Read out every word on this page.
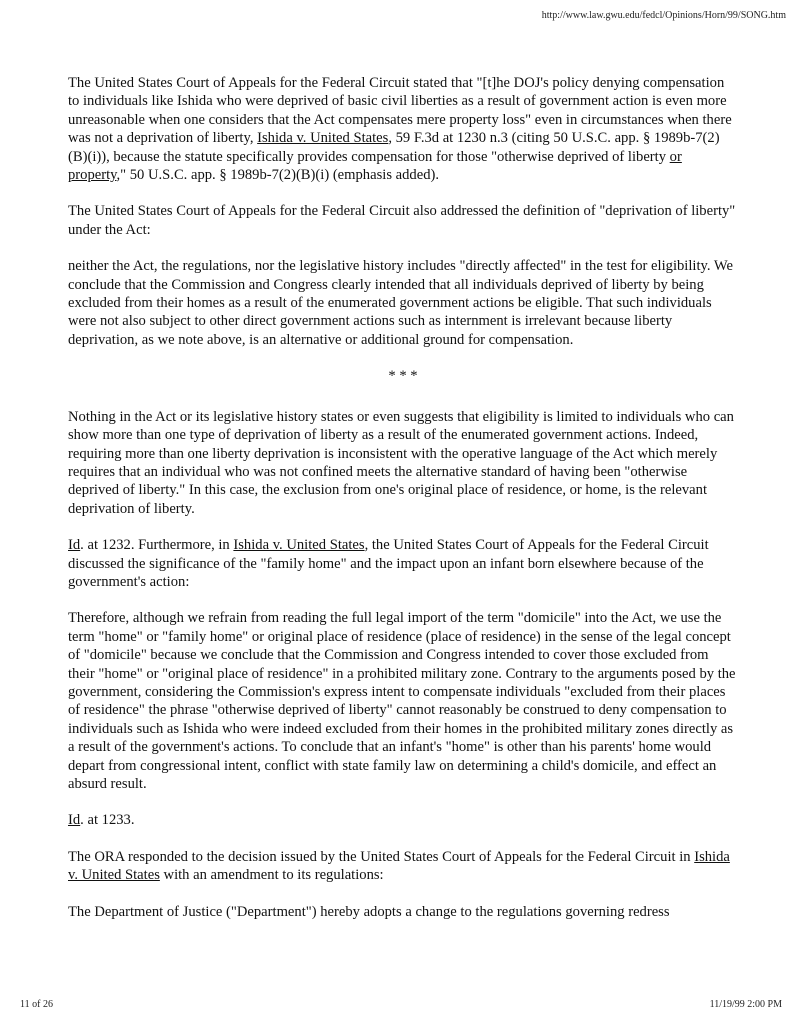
http://www.law.gwu.edu/fedcl/Opinions/Horn/99/SONG.htm

The United States Court of Appeals for the Federal Circuit stated that "[t]he DOJ's policy denying compensation to individuals like Ishida who were deprived of basic civil liberties as a result of government action is even more unreasonable when one considers that the Act compensates mere property loss" even in circumstances when there was not a deprivation of liberty, Ishida v. United States, 59 F.3d at 1230 n.3 (citing 50 U.S.C. app. § 1989b-7(2)(B)(i)), because the statute specifically provides compensation for those "otherwise deprived of liberty or property," 50 U.S.C. app. § 1989b-7(2)(B)(i) (emphasis added).

The United States Court of Appeals for the Federal Circuit also addressed the definition of "deprivation of liberty" under the Act:

neither the Act, the regulations, nor the legislative history includes "directly affected" in the test for eligibility. We conclude that the Commission and Congress clearly intended that all individuals deprived of liberty by being excluded from their homes as a result of the enumerated government actions be eligible. That such individuals were not also subject to other direct government actions such as internment is irrelevant because liberty deprivation, as we note above, is an alternative or additional ground for compensation.

* * *

Nothing in the Act or its legislative history states or even suggests that eligibility is limited to individuals who can show more than one type of deprivation of liberty as a result of the enumerated government actions. Indeed, requiring more than one liberty deprivation is inconsistent with the operative language of the Act which merely requires that an individual who was not confined meets the alternative standard of having been "otherwise deprived of liberty." In this case, the exclusion from one's original place of residence, or home, is the relevant deprivation of liberty.

Id. at 1232. Furthermore, in Ishida v. United States, the United States Court of Appeals for the Federal Circuit discussed the significance of the "family home" and the impact upon an infant born elsewhere because of the government's action:

Therefore, although we refrain from reading the full legal import of the term "domicile" into the Act, we use the term "home" or "family home" or original place of residence (place of residence) in the sense of the legal concept of "domicile" because we conclude that the Commission and Congress intended to cover those excluded from their "home" or "original place of residence" in a prohibited military zone. Contrary to the arguments posed by the government, considering the Commission's express intent to compensate individuals "excluded from their places of residence" the phrase "otherwise deprived of liberty" cannot reasonably be construed to deny compensation to individuals such as Ishida who were indeed excluded from their homes in the prohibited military zones directly as a result of the government's actions. To conclude that an infant's "home" is other than his parents' home would depart from congressional intent, conflict with state family law on determining a child's domicile, and effect an absurd result.

Id. at 1233.

The ORA responded to the decision issued by the United States Court of Appeals for the Federal Circuit in Ishida v. United States with an amendment to its regulations:

The Department of Justice ("Department") hereby adopts a change to the regulations governing redress

11 of 26	11/19/99 2:00 PM
